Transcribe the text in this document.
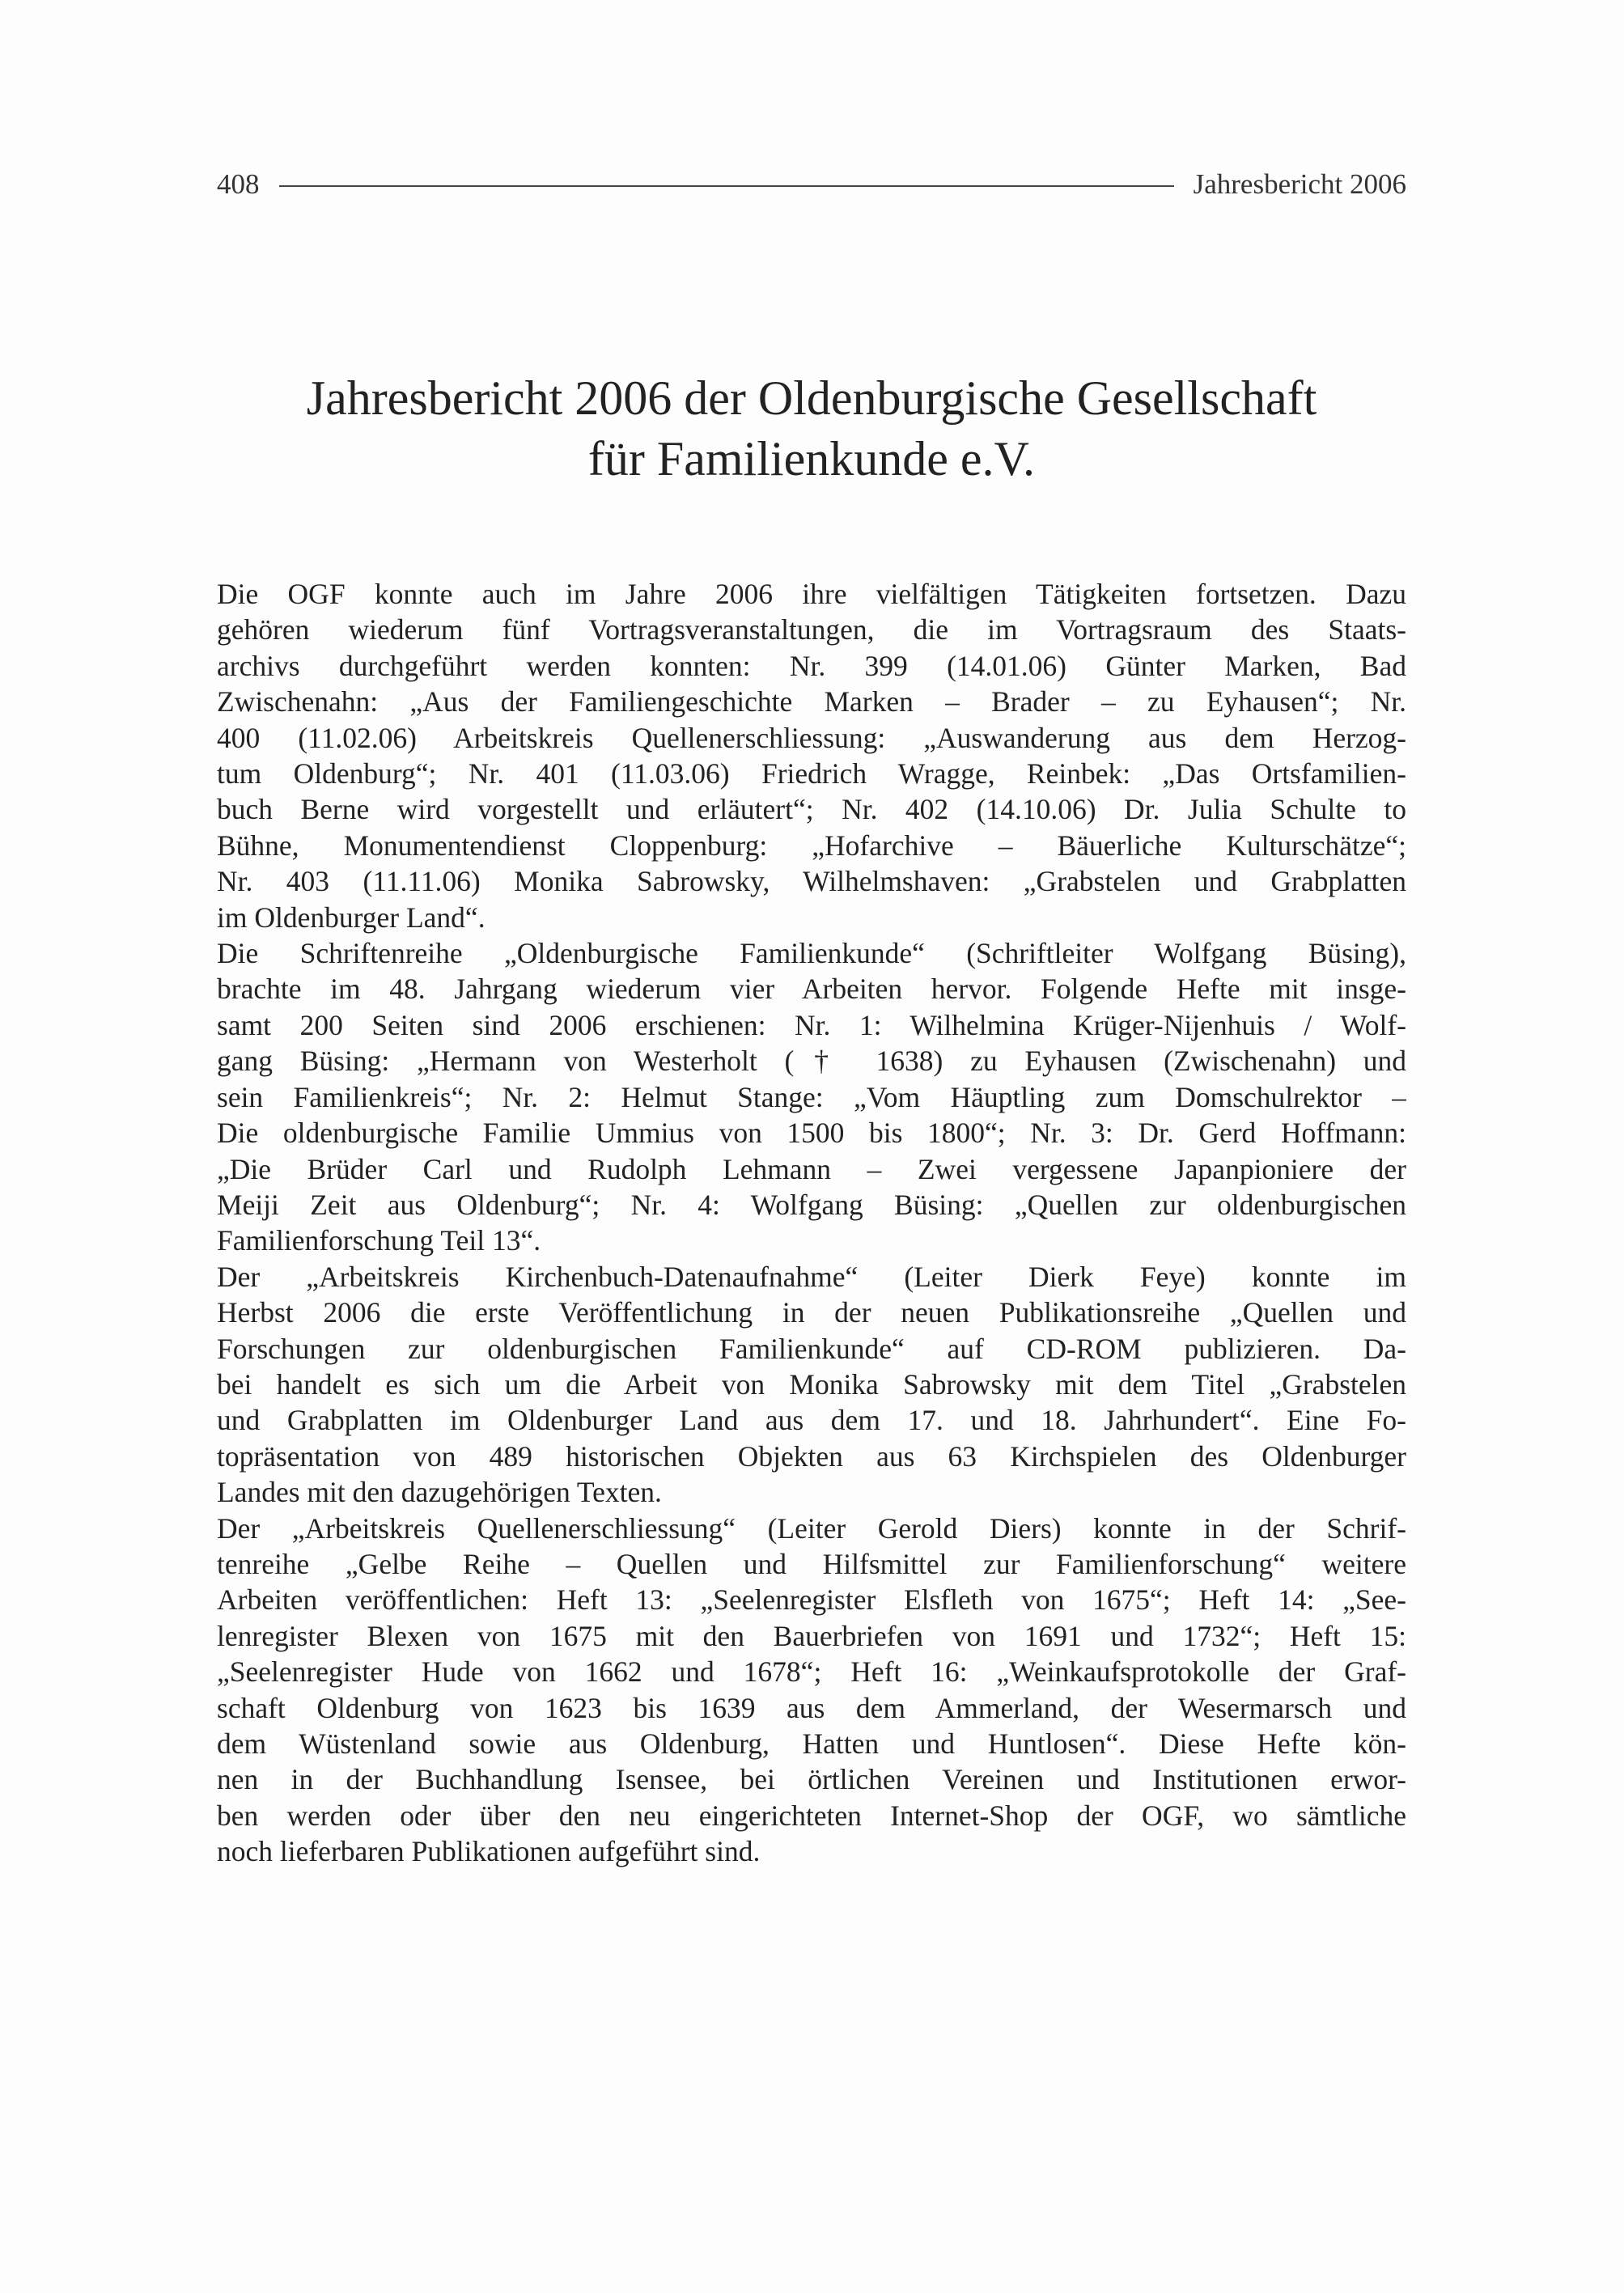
408	Jahresbericht 2006
Jahresbericht 2006 der Oldenburgische Gesellschaft
für Familienkunde e.V.
Die OGF konnte auch im Jahre 2006 ihre vielfältigen Tätigkeiten fortsetzen. Dazu
gehören wiederum fünf Vortragsveranstaltungen, die im Vortragsraum des Staats-
archivs durchgeführt werden konnten: Nr. 399 (14.01.06) Günter Marken, Bad
Zwischenahn: „Aus der Familiengeschichte Marken – Brader – zu Eyhausen“; Nr.
400 (11.02.06) Arbeitskreis Quellenerschliessung: „Auswanderung aus dem Herzog-
tum Oldenburg“; Nr. 401 (11.03.06) Friedrich Wragge, Reinbek: „Das Ortsfamilien-
buch Berne wird vorgestellt und erläutert“; Nr. 402 (14.10.06) Dr. Julia Schulte to
Bühne, Monumentendienst Cloppenburg: „Hofarchive – Bäuerliche Kulturschätze“;
Nr. 403 (11.11.06) Monika Sabrowsky, Wilhelmshaven: „Grabstelen und Grabplatten
im Oldenburger Land“.
Die Schriftenreihe „Oldenburgische Familienkunde“ (Schriftleiter Wolfgang Büsing),
brachte im 48. Jahrgang wiederum vier Arbeiten hervor. Folgende Hefte mit insge-
samt 200 Seiten sind 2006 erschienen: Nr. 1: Wilhelmina Krüger-Nijenhuis / Wolf-
gang Büsing: „Hermann von Westerholt († 1638) zu Eyhausen (Zwischenahn) und
sein Familienkreis“; Nr. 2: Helmut Stange: „Vom Häuptling zum Domschulrektor –
Die oldenburgische Familie Ummius von 1500 bis 1800“; Nr. 3: Dr. Gerd Hoffmann:
„Die Brüder Carl und Rudolph Lehmann – Zwei vergessene Japanpioniere der
Meiji Zeit aus Oldenburg“; Nr. 4: Wolfgang Büsing: „Quellen zur oldenburgischen
Familienforschung Teil 13“.
Der „Arbeitskreis Kirchenbuch-Datenaufnahme“ (Leiter Dierk Feye) konnte im
Herbst 2006 die erste Veröffentlichung in der neuen Publikationsreihe „Quellen und
Forschungen zur oldenburgischen Familienkunde“ auf CD-ROM publizieren. Da-
bei handelt es sich um die Arbeit von Monika Sabrowsky mit dem Titel „Grabstelen
und Grabplatten im Oldenburger Land aus dem 17. und 18. Jahrhundert“. Eine Fo-
topräsentation von 489 historischen Objekten aus 63 Kirchspielen des Oldenburger
Landes mit den dazugehörigen Texten.
Der „Arbeitskreis Quellenerschliessung“ (Leiter Gerold Diers) konnte in der Schrif-
tenreihe „Gelbe Reihe – Quellen und Hilfsmittel zur Familienforschung“ weitere
Arbeiten veröffentlichen: Heft 13: „Seelenregister Elsfleth von 1675“; Heft 14: „See-
lenregister Blexen von 1675 mit den Bauerbriefen von 1691 und 1732“; Heft 15:
„Seelenregister Hude von 1662 und 1678“; Heft 16: „Weinkaufsprotokolle der Graf-
schaft Oldenburg von 1623 bis 1639 aus dem Ammerland, der Wesermarsch und
dem Wüstenland sowie aus Oldenburg, Hatten und Huntlosen“. Diese Hefte kön-
nen in der Buchhandlung Isensee, bei örtlichen Vereinen und Institutionen erwor-
ben werden oder über den neu eingerichteten Internet-Shop der OGF, wo sämtliche
noch lieferbaren Publikationen aufgeführt sind.
